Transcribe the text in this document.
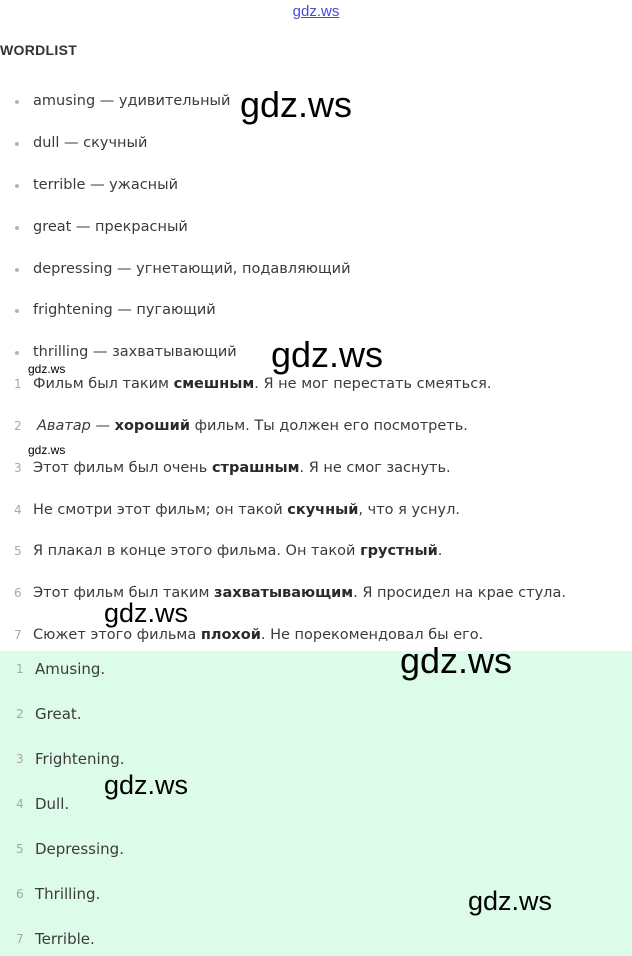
gdz.ws
WORDLIST
amusing — удивительный
dull — скучный
terrible — ужасный
great — прекрасный
depressing — угнетающий, подавляющий
frightening — пугающий
thrilling — захватывающий
1 Фильм был таким смешным. Я не мог перестать смеяться.
2 Аватар — хороший фильм. Ты должен его посмотреть.
3 Этот фильм был очень страшным. Я не смог заснуть.
4 Не смотри этот фильм; он такой скучный, что я уснул.
5 Я плакал в конце этого фильма. Он такой грустный.
6 Этот фильм был таким захватывающим. Я просидел на крае стула.
7 Сюжет этого фильма плохой. Не порекомендовал бы его.
1 Amusing.
2 Great.
3 Frightening.
4 Dull.
5 Depressing.
6 Thrilling.
7 Terrible.
gdz.ws
gdz.ws
gdz.ws
gdz.ws
gdz.ws
gdz.ws
gdz.ws
gdz.ws
